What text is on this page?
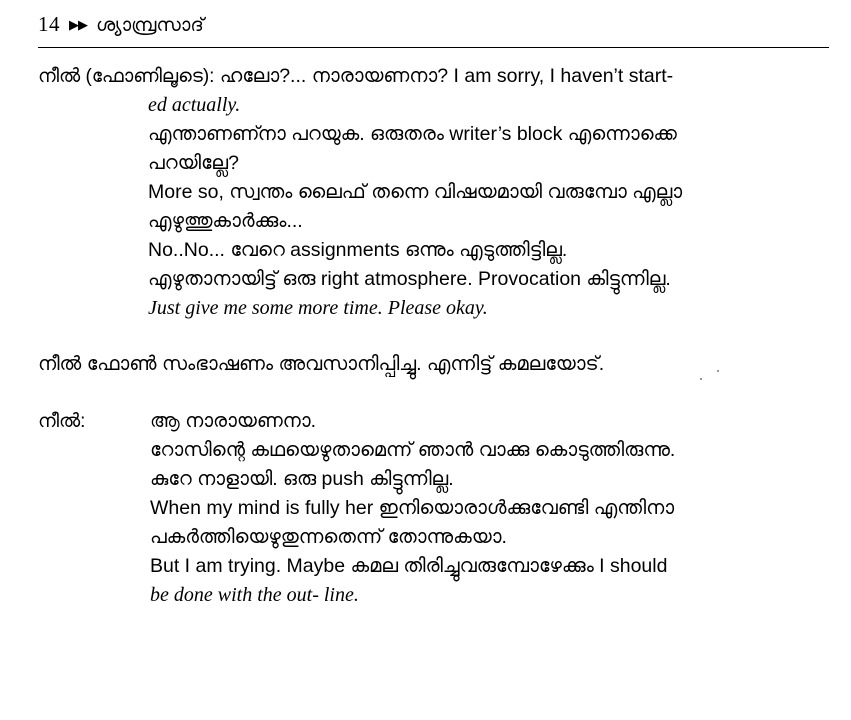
14 ▶▶ ശ്യാമ്പ്രസാദ്
നീൽ (ഫോണിലൂടെ): ഹലോ?... നാരായണനാ? I am sorry, I haven’t start-
ed actually.
എന്താണണ്നാ പറയുക. ഒരുതരം writer’s block എന്നൊക്കെ
പറയില്ലേ?
More so, സ്വന്തം ലൈഫ് തന്നെ വിഷയമായി വരുമ്പോ എല്ലാ
എഴുത്തുകാർക്കും...
No..No... വേറെ assignments ഒന്നും എടുത്തിട്ടില്ല.
എഴുതാനായിട്ട് ഒരു right atmosphere. Provocation കിട്ടുന്നില്ല.
Just give me some more time. Please okay.
നീൽ ഫോൺ സംഭാഷണം അവസാനിപ്പിച്ചു. എന്നിട്ട് കമലയോട്.
നീൽ:	ആ നാരായണനാ.
റോസിന്റെ കഥയെഴുതാമെന്ന് ഞാൻ വാക്കു കൊടുത്തിരുന്നു.
കുറേ നാളായി. ഒരു push കിട്ടുന്നില്ല.
When my mind is fully her ഇനിയൊരാൾക്കുവേണ്ടി എന്തിനാ
പകർത്തിയെഴുതുന്നതെന്ന് തോന്നുകയാ.
But I am trying. Maybe കമല തിരിച്ചുവരുമ്പോഴേക്കും I should
be done with the out- line.
